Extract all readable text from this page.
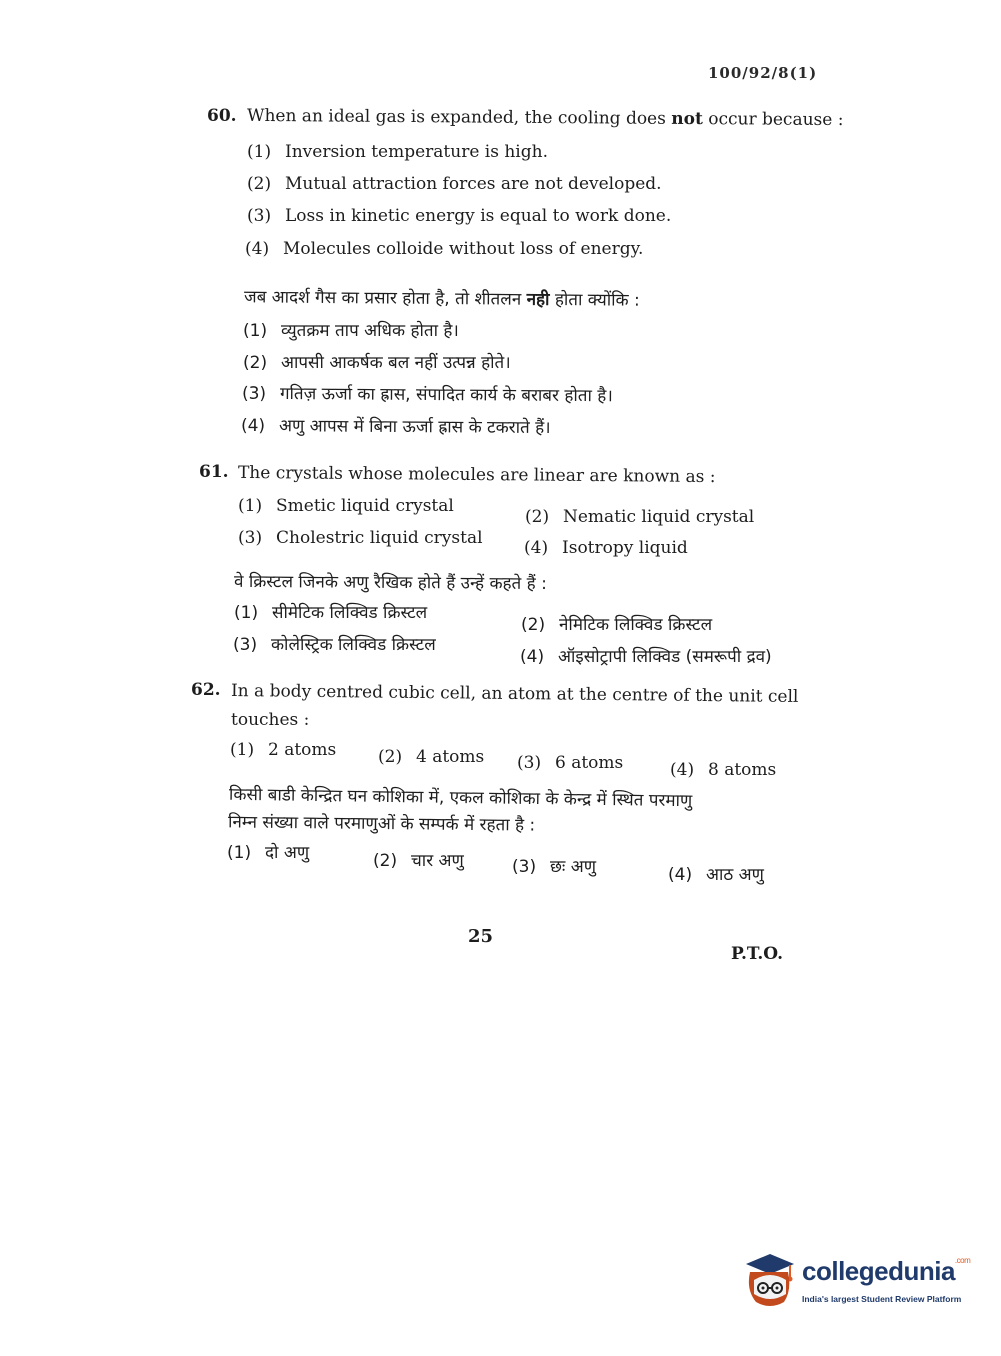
100/92/8(1)
60. When an ideal gas is expanded, the cooling does not occur because :
(1) Inversion temperature is high.
(2) Mutual attraction forces are not developed.
(3) Loss in kinetic energy is equal to work done.
(4) Molecules colloide without loss of energy.
जब आदर्श गैस का प्रसार होता है, तो शीतलन नही होता क्योंकि :
(1) व्युतक्रम ताप अधिक होता है।
(2) आपसी आकर्षक बल नहीं उत्पन्न होते।
(3) गतिज़ ऊर्जा का ह्रास, संपादित कार्य के बराबर होता है।
(4) अणु आपस में बिना ऊर्जा ह्रास के टकराते हैं।
61. The crystals whose molecules are linear are known as :
(1) Smetic liquid crystal
(2) Nematic liquid crystal
(3) Cholestric liquid crystal (4) Isotropy liquid
वे क्रिस्टल जिनके अणु रैखिक होते हैं उन्हें कहते हैं :
(1) सीमेटिक लिक्विड क्रिस्टल
(2) नेमिटिक लिक्विड क्रिस्टल
(3) कोलेस्ट्रिक लिक्विड क्रिस्टल
(4) ऑइसोट्रापी लिक्विड (समरूपी द्रव)
62. In a body centred cubic cell, an atom at the centre of the unit cell
touches :
(1) 2 atoms (2) 4 atoms (3) 6 atoms	(4) 8 atoms
किसी बाडी केन्द्रित घन कोशिका में, एकल कोशिका के केन्द्र में स्थित परमाणु
निम्न संख्या वाले परमाणुओं के सम्पर्क में रहता है :
(1) दो अणु	(2) चार अणु	(3) छः अणु	(4) आठ अणु
25
P.T.O.
collegedunia$^{.com}$
India's largest Student Review Platform
